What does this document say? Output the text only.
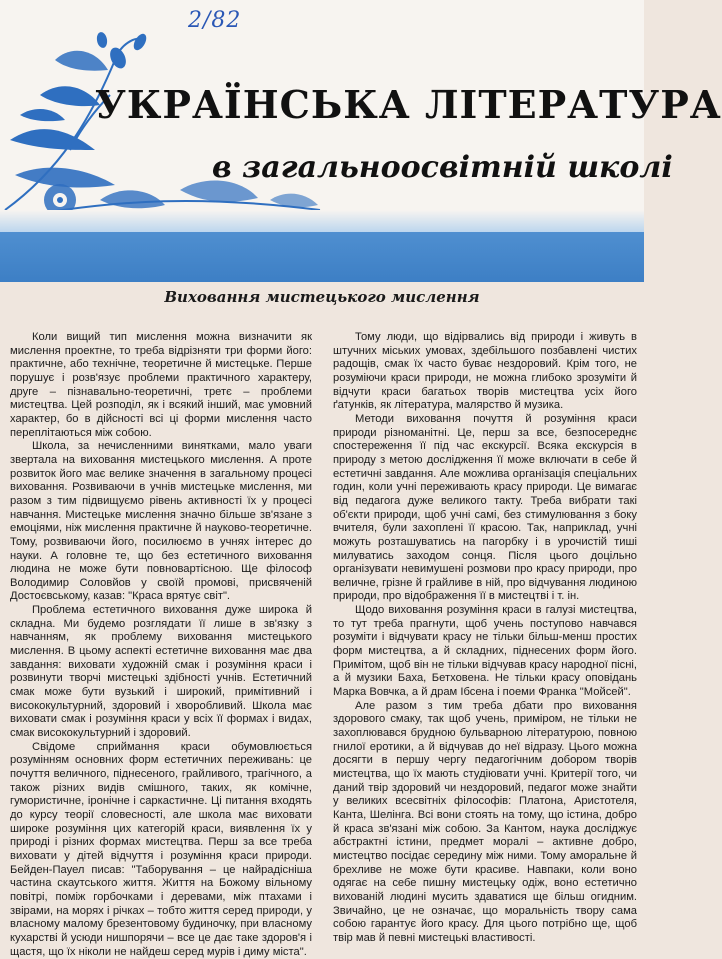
2/82
УКРАЇНСЬКА ЛІТЕРАТУРА
в загальноосвітній школі
Виховання мистецького мислення

Коли вищий тип мислення можна визначити як мислення проектне, то треба відрізняти три форми його: практичне, або технічне, теоретичне й мистецьке. Перше порушує і розв'язує проблеми практичного характеру, друге – пізнавально-теоретичні, третє – проблеми мистецтва. Цей розподіл, як і всякий інший, має умовний характер, бо в дійсності всі ці форми мислення часто переплітаються між собою.

Школа, за нечисленними винятками, мало уваги звертала на виховання мистецького мислення. А проте розвиток його має велике значення в загальному процесі виховання. Розвиваючи в учнів мистецьке мислення, ми разом з тим підвищуємо рівень активності їх у процесі навчання. Мистецьке мислення значно більше зв'язане з емоціями, ніж мислення практичне й науково-теоретичне. Тому, розвиваючи його, посилюємо в учнях інтерес до науки. А головне те, що без естетичного виховання людина не може бути повновартісною. Ще філософ Володимир Соловйов у своїй промові, присвяченій Достоєвському, казав: "Краса врятує світ".

Проблема естетичного виховання дуже широка й складна. Ми будемо розглядати її лише в зв'язку з навчанням, як проблему виховання мистецького мислення. В цьому аспекті естетичне виховання має два завдання: виховати художній смак і розуміння краси і розвинути творчі мистецькі здібності учнів. Естетичний смак може бути вузький і широкий, примітивний і висококультурний, здоровий і хворобливий. Школа має виховати смак і розуміння краси у всіх її формах і видах, смак висококультурний і здоровий.

Свідоме сприймання краси обумовлюється розумінням основних форм естетичних переживань: це почуття величного, піднесеного, грайливого, трагічного, а також різних видів смішного, таких, як комічне, гумористичне, іронічне і саркастичне. Ці питання входять до курсу теорії словесності, але школа має виховати широке розуміння цих категорій краси, виявлення їх у природі і різних формах мистецтва. Перш за все треба виховати у дітей відчуття і розуміння краси природи. Бейден-Пауел писав: "Таборування – це найрадісніша частина скаутського життя. Життя на Божому вільному повітрі, поміж горбочками і деревами, між птахами і звірами, на морях і річках – тобто життя серед природи, у власному малому брезентовому будиночку, при власному кухарстві й усюди нишпорячи – все це дає таке здоров'я і щастя, що їх ніколи не найдеш серед мурів і диму міста".

Тому люди, що відірвались від природи і живуть в штучних міських умовах, здебільшого позбавлені чистих радощів, смак їх часто буває нездоровий. Крім того, не розуміючи краси природи, не можна глибоко зрозуміти й відчути краси багатьох творів мистецтва усіх його ґатунків, як література, малярство й музика.

Методи виховання почуття й розуміння краси природи різноманітні. Це, перш за все, безпосереднє спостереження її під час екскурсії. Всяка екскурсія в природу з метою дослідження її може включати в себе й естетичні завдання. Але можлива організація спеціальних годин, коли учні переживають красу природи. Це вимагає від педагога дуже великого такту. Треба вибрати такі об'єкти природи, щоб учні самі, без стимулювання з боку вчителя, були захоплені її красою. Так, наприклад, учні можуть розташуватись на пагорбку і в урочистій тиші милуватись заходом сонця. Після цього доцільно організувати невимушені розмови про красу природи, про величне, грізне й грайливе в ній, про відчування людиною природи, про відображення її в мистецтві і т. ін.

Щодо виховання розуміння краси в галузі мистецтва, то тут треба прагнути, щоб учень поступово навчався розуміти і відчувати красу не тільки більш-менш простих форм мистецтва, а й складних, піднесених форм його. Примітом, щоб він не тільки відчував красу народної пісні, а й музики Баха, Бетховена. Не тільки красу оповідань Марка Вовчка, а й драм Ібсена і поеми Франка "Мойсей".

Але разом з тим треба дбати про виховання здорового смаку, так щоб учень, приміром, не тільки не захоплювався брудною бульварною літературою, повною гнилої еротики, а й відчував до неї відразу. Цього можна досягти в першу чергу педагогічним добором творів мистецтва, що їх мають студіювати учні. Критерії того, чи даний твір здоровий чи нездоровий, педагог може знайти у великих всесвітніх філософів: Платона, Аристотеля, Канта, Шелінга. Всі вони стоять на тому, що істина, добро й краса зв'язані між собою. За Кантом, наука досліджує абстрактні істини, предмет моралі – активне добро, мистецтво посідає середину між ними. Тому аморальне й брехливе не може бути красиве. Навпаки, коли воно одягає на себе пишну мистецьку одіж, воно естетично вихованій людині мусить здаватися ще більш огидним. Звичайно, це не означає, що моральність твору сама собою гарантує його красу. Для цього потрібно ще, щоб твір мав й певні мистецькі властивості.
